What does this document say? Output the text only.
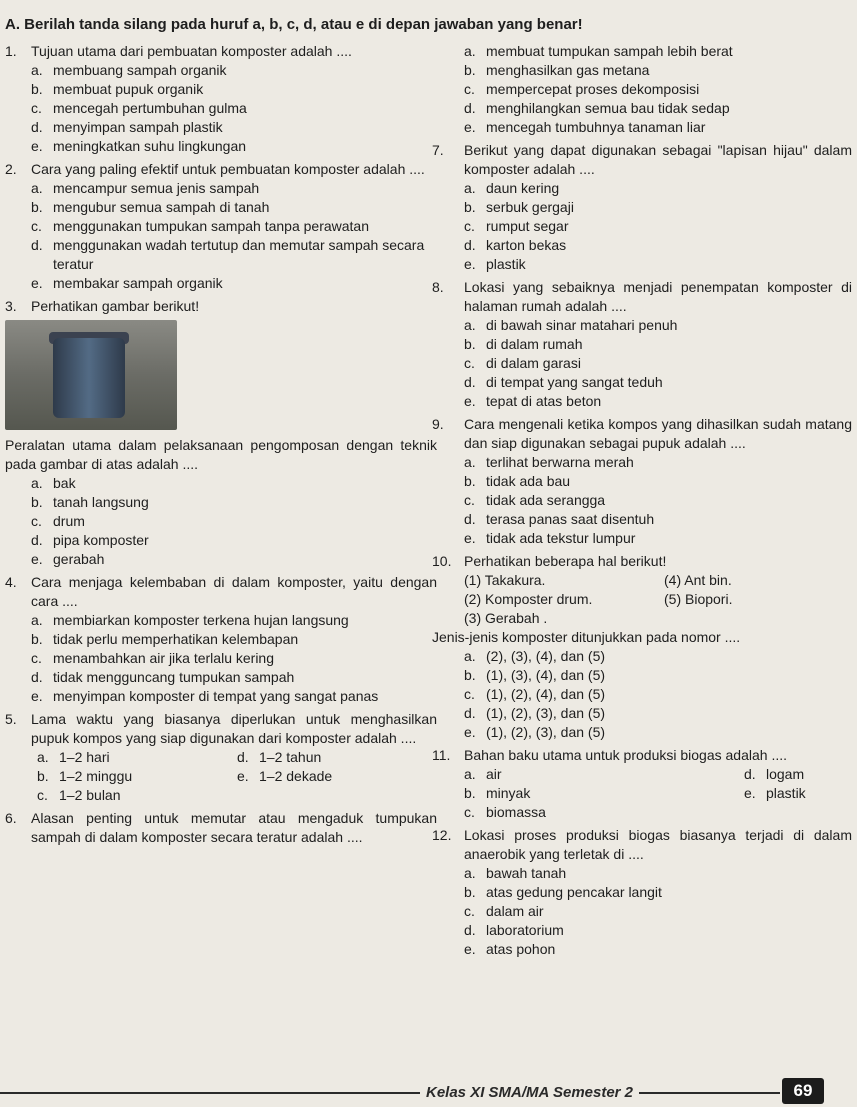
A. Berilah tanda silang pada huruf a, b, c, d, atau e di depan jawaban yang benar!
1. Tujuan utama dari pembuatan komposter adalah ....
a. membuang sampah organik
b. membuat pupuk organik
c. mencegah pertumbuhan gulma
d. menyimpan sampah plastik
e. meningkatkan suhu lingkungan
2. Cara yang paling efektif untuk pembuatan komposter adalah ....
a. mencampur semua jenis sampah
b. mengubur semua sampah di tanah
c. menggunakan tumpukan sampah tanpa perawatan
d. menggunakan wadah tertutup dan memutar sampah secara teratur
e. membakar sampah organik
3. Perhatikan gambar berikut!
Peralatan utama dalam pelaksanaan pengomposan dengan teknik pada gambar di atas adalah ....
a. bak
b. tanah langsung
c. drum
d. pipa komposter
e. gerabah
4. Cara menjaga kelembaban di dalam komposter, yaitu dengan cara ....
a. membiarkan komposter terkena hujan langsung
b. tidak perlu memperhatikan kelembapan
c. menambahkan air jika terlalu kering
d. tidak mengguncang tumpukan sampah
e. menyimpan komposter di tempat yang sangat panas
5. Lama waktu yang biasanya diperlukan untuk menghasilkan pupuk kompos yang siap digunakan dari komposter adalah ....
a. 1–2 hari	d. 1–2 tahun
b. 1–2 minggu	e. 1–2 dekade
c. 1–2 bulan
6. Alasan penting untuk memutar atau mengaduk tumpukan sampah di dalam komposter secara teratur adalah ....
a. membuat tumpukan sampah lebih berat
b. menghasilkan gas metana
c. mempercepat proses dekomposisi
d. menghilangkan semua bau tidak sedap
e. mencegah tumbuhnya tanaman liar
7. Berikut yang dapat digunakan sebagai "lapisan hijau" dalam komposter adalah ....
a. daun kering
b. serbuk gergaji
c. rumput segar
d. karton bekas
e. plastik
8. Lokasi yang sebaiknya menjadi penempatan komposter di halaman rumah adalah ....
a. di bawah sinar matahari penuh
b. di dalam rumah
c. di dalam garasi
d. di tempat yang sangat teduh
e. tepat di atas beton
9. Cara mengenali ketika kompos yang dihasilkan sudah matang dan siap digunakan sebagai pupuk adalah ....
a. terlihat berwarna merah
b. tidak ada bau
c. tidak ada serangga
d. terasa panas saat disentuh
e. tidak ada tekstur lumpur
10. Perhatikan beberapa hal berikut!
(1) Takakura.	(4) Ant bin.
(2) Komposter drum.	(5) Biopori.
(3) Gerabah .
Jenis-jenis komposter ditunjukkan pada nomor ....
a. (2), (3), (4), dan (5)
b. (1), (3), (4), dan (5)
c. (1), (2), (4), dan (5)
d. (1), (2), (3), dan (5)
e. (1), (2), (3), dan (5)
11. Bahan baku utama untuk produksi biogas adalah ....
a. air	d. logam
b. minyak	e. plastik
c. biomassa
12. Lokasi proses produksi biogas biasanya terjadi di dalam anaerobik yang terletak di ....
a. bawah tanah
b. atas gedung pencakar langit
c. dalam air
d. laboratorium
e. atas pohon
Kelas XI SMA/MA Semester 2	69
